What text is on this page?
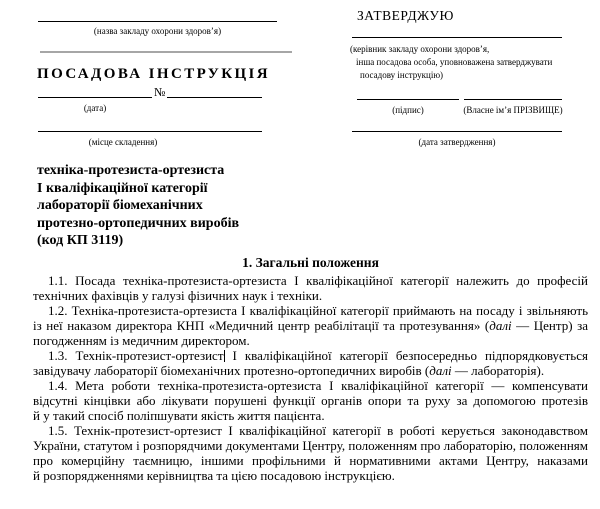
(назва закладу охорони здоров’я)
ПОСАДОВА ІНСТРУКЦІЯ
№
(дата)
(місце складення)
ЗАТВЕРДЖУЮ
(керівник закладу охорони здоров’я,
інша посадова особа, уповноважена затверджувати
посадову інструкцію)
(підпис)	(Власне ім’я ПРІЗВИЩЕ)
(дата затвердження)
техніка-протезиста-ортезиста
І кваліфікаційної категорії
лабораторії біомеханічних
протезно-ортопедичних виробів
(код КП 3119)
1. Загальні положення

1.1. Посада техніка-протезиста-ортезиста І кваліфікаційної категорії належить до професій технічних фахівців у галузі фізичних наук і техніки.

1.2. Техніка-протезиста-ортезиста І кваліфікаційної категорії приймають на посаду і звільняють із неї наказом директора КНП «Медичний центр реабілітації та протезування» (далі — Центр) за погодженням із медичним директором.

1.3. Технік-протезист-ортезист І кваліфікаційної категорії безпосередньо підпорядковується завідувачу лабораторії біомеханічних протезно-ортопедичних виробів (далі — лабораторія).

1.4. Мета роботи техніка-протезиста-ортезиста І кваліфікаційної категорії — компенсувати відсутні кінцівки або лікувати порушені функції органів опори та руху за допомогою протезів й у такий спосіб поліпшувати якість життя пацієнта.

1.5. Технік-протезист-ортезист І кваліфікаційної категорії в роботі керується законодавством України, статутом і розпорядчими документами Центру, положенням про лабораторію, положенням про комерційну таємницю, іншими профільними й нормативними актами Центру, наказами й розпорядженнями керівництва та цією посадовою інструкцією.
